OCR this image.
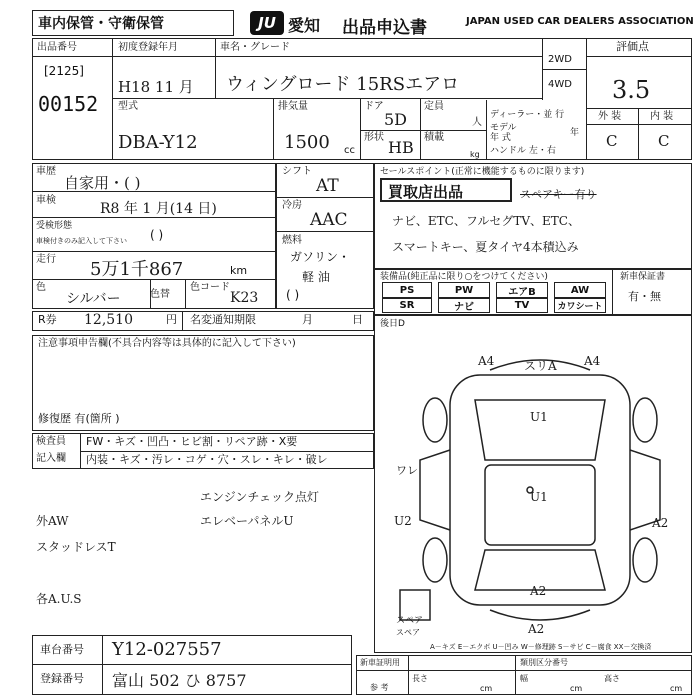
車内保管・守衛保管	JU 愛知 出品申込書	JAPAN USED CAR DEALERS ASSOCIATION
出品番号
[2125]
00152
初度登録年月	車名・グレード
H18 11 月 ウィングロード 15RSエアロ
2WD
4WD
評価点
3.5
外 装	内 装
C	C
型式
DBA-Y12
排気量
1500 cc
ドア
5D
形状
HB
定員
人
積載
kg
ディーラー・並 行
モデル
年 式	年
ハンドル 左・右
車歴
自家用・( )
車検
R8 年 1 月(14 日)
受検形態
車検付きのみ記入して下さい ( )
走行 5万1千867	km
色
シルバー	色替
色コード
K23
シフト
AT
冷房
AAC
燃料
ガソリン・
軽 油
( )
セールスポイント(正常に機能するものに限ります)
買取店出品	スペアキー有り
ナビ、ETC、フルセグTV、ETC、
スマートキー、夏タイヤ4本積込み
装備品(純正品に限り○をつけてください)
PS	PW	エアB	AW
SR	ナビ	TV	カワシート
新車保証書
有・無
R券 12,510	円 名変通知期限	月	日
注意事項申告欄(不具合内容等は具体的に記入して下さい)
修復歴 有(箇所 )
後日D
A4 スリA A4
U1
U1
ワレ
U2	A2
A2
A2
スペア
スペア
A－キズ E－エクボ U－凹み W－修理跡 S－サビ C－腐食 XX－交換済
検査員
記入欄
FW・キズ・凹凸・ヒビ割・リペア跡・X要
内装・キズ・汚レ・コゲ・穴・スレ・キレ・破レ
エンジンチェック点灯
外AW	エレベーパネルU
スタッドレスT
各A.U.S
車台番号 Y12-027557
登録番号 富山 502 ひ 8757
新車証明用	類別区分番号
参 考
長さ	幅	高さ
cm	cm	cm
